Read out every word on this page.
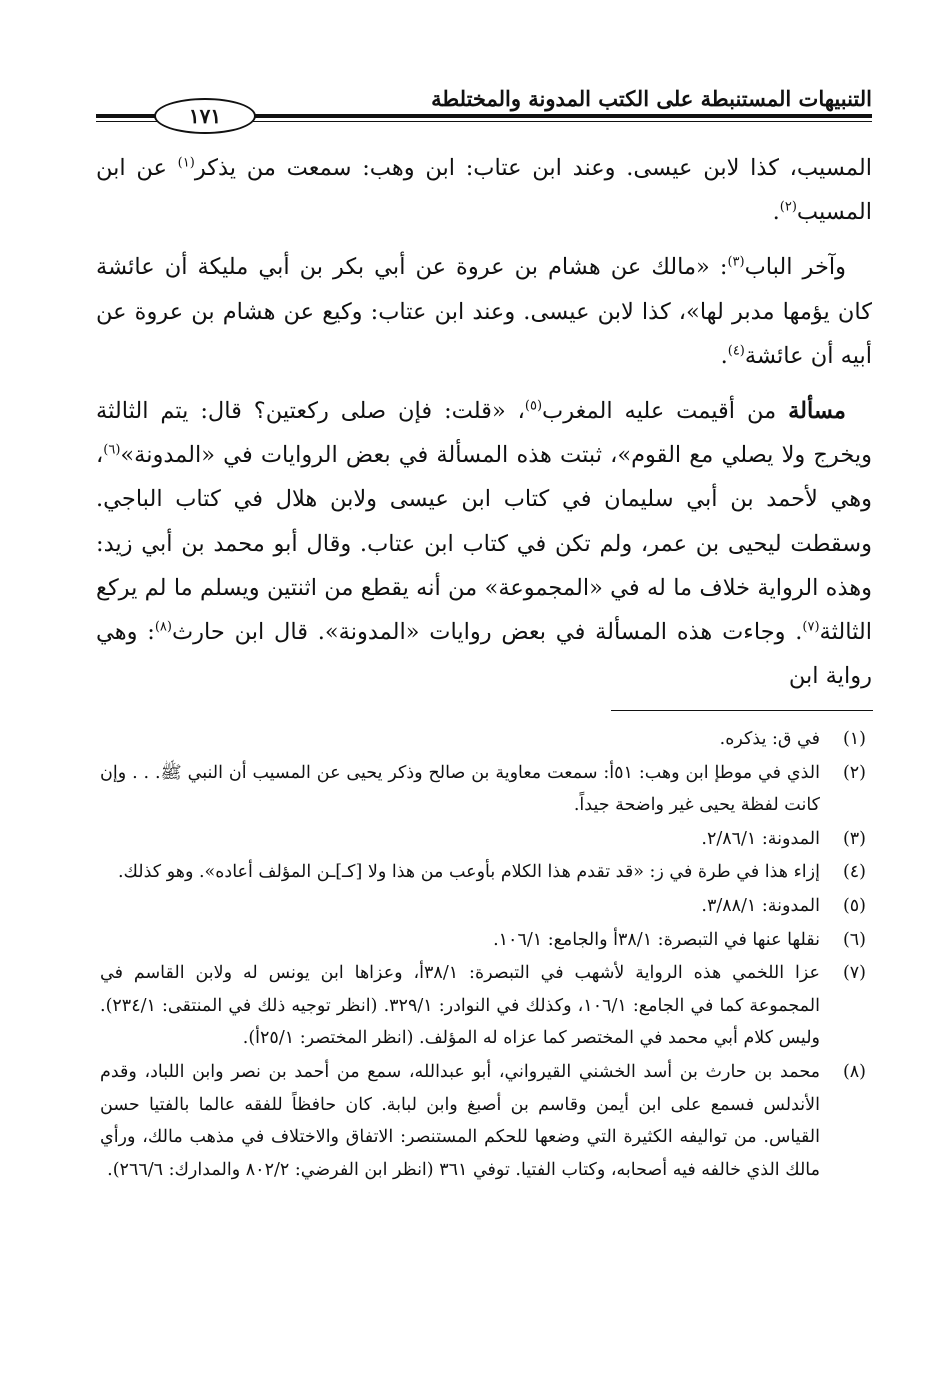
التنبيهات المستنبطة على الكتب المدونة والمختلطة
١٧١

المسيب، كذا لابن عيسى. وعند ابن عتاب: ابن وهب: سمعت من يذكر$^{(١)}$ عن ابن المسيب$^{(٢)}$.

وآخر الباب$^{(٣)}$: «مالك عن هشام بن عروة عن أبي بكر بن أبي مليكة أن عائشة كان يؤمها مدبر لها»، كذا لابن عيسى. وعند ابن عتاب: وكيع عن هشام بن عروة عن أبيه أن عائشة$^{(٤)}$.

مسألة من أقيمت عليه المغرب$^{(٥)}$، «قلت: فإن صلى ركعتين؟ قال: يتم الثالثة ويخرج ولا يصلي مع القوم»، ثبتت هذه المسألة في بعض الروايات في «المدونة»$^{(٦)}$، وهي لأحمد بن أبي سليمان في كتاب ابن عيسى ولابن هلال في كتاب الباجي. وسقطت ليحيى بن عمر، ولم تكن في كتاب ابن عتاب. وقال أبو محمد بن أبي زيد: وهذه الرواية خلاف ما له في «المجموعة» من أنه يقطع من اثنتين ويسلم ما لم يركع الثالثة$^{(٧)}$. وجاءت هذه المسألة في بعض روايات «المدونة». قال ابن حارث$^{(٨)}$: وهي رواية ابن

(١)
في ق: يذكره.
(٢)
الذي في موطإ ابن وهب: ٥١أ: سمعت معاوية بن صالح وذكر يحيى عن المسيب أن النبي ﷺ. . . وإن كانت لفظة يحيى غير واضحة جيداً.
(٣)
المدونة: ٢/٨٦/١.
(٤)
إزاء هذا في طرة في ز: «قد تقدم هذا الكلام بأوعب من هذا ولا [كـ]ـن المؤلف أعاده». وهو كذلك.
(٥)
المدونة: ٣/٨٨/١.
(٦)
نقلها عنها في التبصرة: ٣٨/١أ والجامع: ١٠٦/١.
(٧)
عزا اللخمي هذه الرواية لأشهب في التبصرة: ٣٨/١أ، وعزاها ابن يونس له ولابن القاسم في المجموعة كما في الجامع: ١٠٦/١، وكذلك في النوادر: ٣٢٩/١. (انظر توجيه ذلك في المنتقى: ٢٣٤/١). وليس كلام أبي محمد في المختصر كما عزاه له المؤلف. (انظر المختصر: ٢٥/١أ).
(٨)
محمد بن حارث بن أسد الخشني القيرواني، أبو عبدالله، سمع من أحمد بن نصر وابن اللباد، وقدم الأندلس فسمع على ابن أيمن وقاسم بن أصبغ وابن لبابة. كان حافظاً للفقه عالما بالفتيا حسن القياس. من تواليفه الكثيرة التي وضعها للحكم المستنصر: الاتفاق والاختلاف في مذهب مالك، ورأي مالك الذي خالفه فيه أصحابه، وكتاب الفتيا. توفي ٣٦١ (انظر ابن الفرضي: ٨٠٢/٢ والمدارك: ٢٦٦/٦).
